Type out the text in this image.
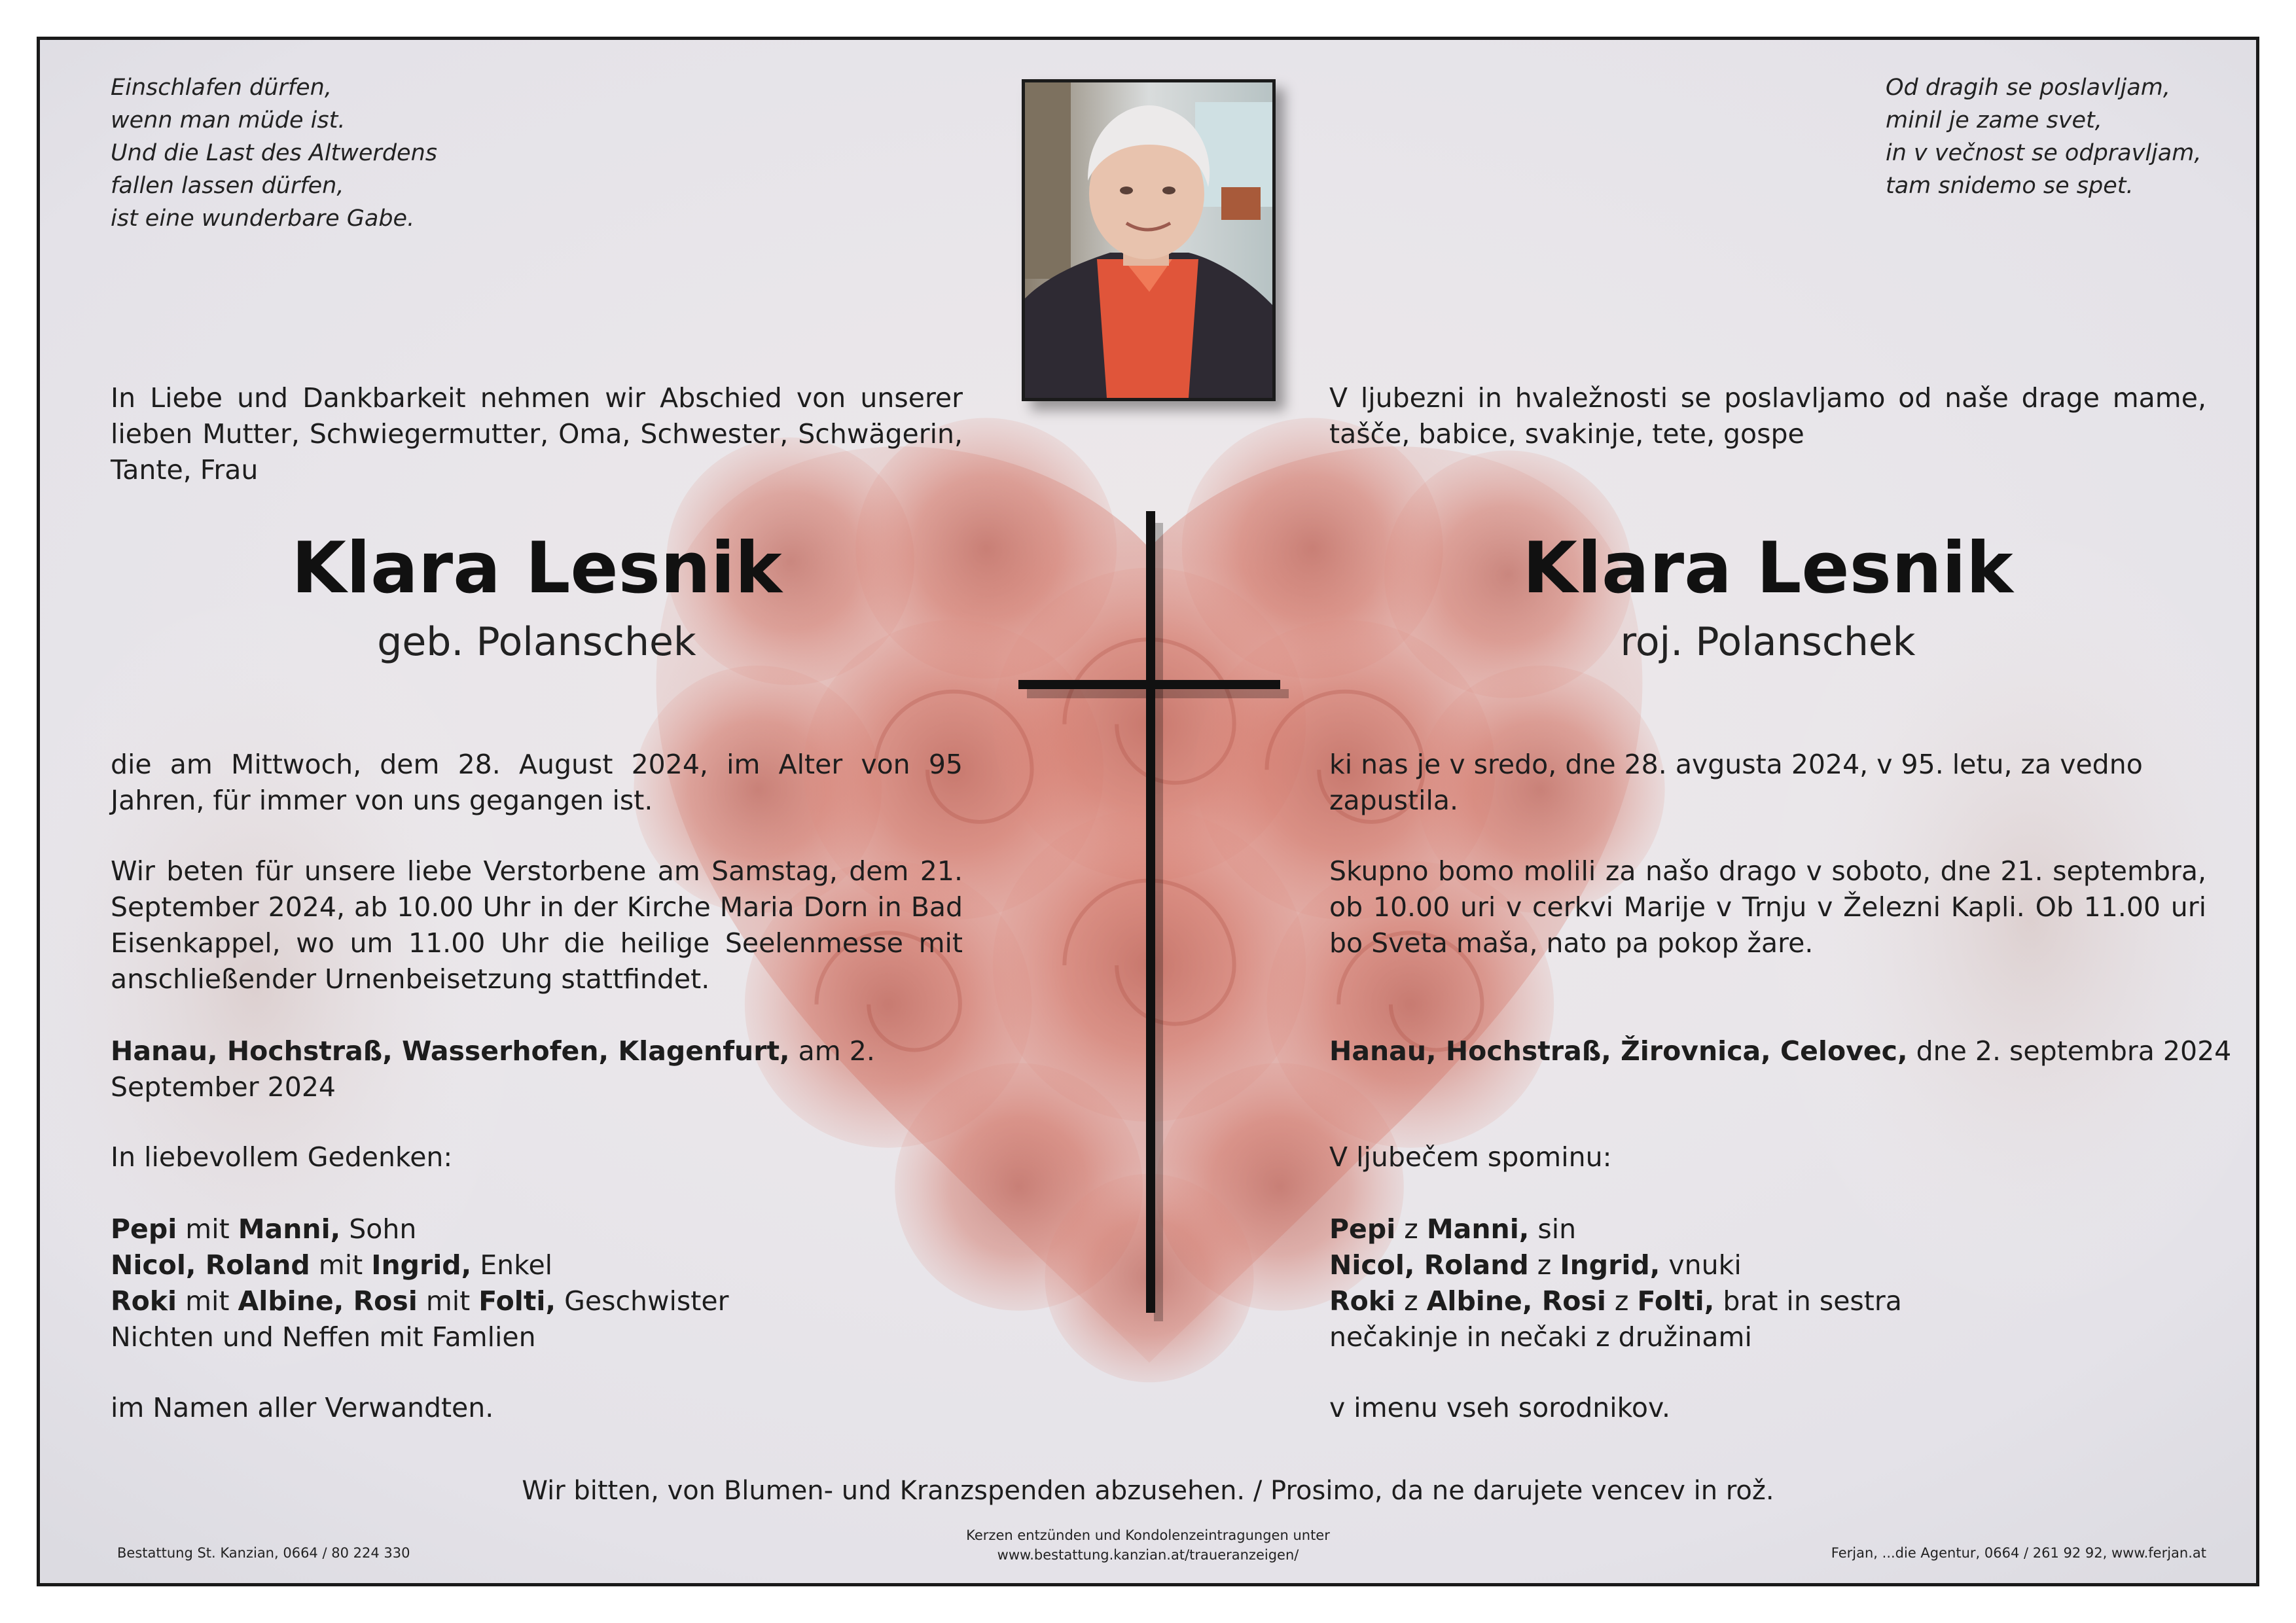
Einschlafen dürfen,
wenn man müde ist.
Und die Last des Altwerdens
fallen lassen dürfen,
ist eine wunderbare Gabe.
Od dragih se poslavljam,
minil je zame svet,
in v večnost se odpravljam,
tam snidemo se spet.
In Liebe und Dankbarkeit nehmen wir Abschied von unserer lieben Mutter, Schwiegermutter, Oma, Schwester, Schwägerin, Tante, Frau
Klara Lesnik
geb. Polanschek
die am Mittwoch, dem 28. August 2024, im Alter von 95 Jahren, für immer von uns gegangen ist.
Wir beten für unsere liebe Verstorbene am Samstag, dem 21. September 2024, ab 10.00 Uhr in der Kirche Maria Dorn in Bad Eisenkappel, wo um 11.00 Uhr die heilige Seelenmesse mit anschließender Urnenbeisetzung stattfindet.
Hanau, Hochstraß, Wasserhofen, Klagenfurt, am 2. September 2024
In liebevollem Gedenken:
Pepi mit Manni, Sohn
Nicol, Roland mit Ingrid, Enkel
Roki mit Albine, Rosi mit Folti, Geschwister
Nichten und Neffen mit Famlien
im Namen aller Verwandten.
V ljubezni in hvaležnosti se poslavljamo od naše drage mame, tašče, babice, svakinje, tete, gospe
Klara Lesnik
roj. Polanschek
ki nas je v sredo, dne 28. avgusta 2024, v 95. letu, za vedno zapustila.
Skupno bomo molili za našo drago v soboto, dne 21. septembra, ob 10.00 uri v cerkvi Marije v Trnju v Železni Kapli. Ob 11.00 uri bo Sveta maša, nato pa pokop žare.
Hanau, Hochstraß, Žirovnica, Celovec, dne 2. septembra 2024
V ljubečem spominu:
Pepi z Manni, sin
Nicol, Roland z Ingrid, vnuki
Roki z Albine, Rosi z Folti, brat in sestra
nečakinje in nečaki z družinami
v imenu vseh sorodnikov.
Wir bitten, von Blumen- und Kranzspenden abzusehen. / Prosimo, da ne darujete vencev in rož.
Bestattung St. Kanzian, 0664 / 80 224 330
Kerzen entzünden und Kondolenzeintragungen unter
www.bestattung.kanzian.at/traueranzeigen/	Ferjan, ...die Agentur, 0664 / 261 92 92, www.ferjan.at
